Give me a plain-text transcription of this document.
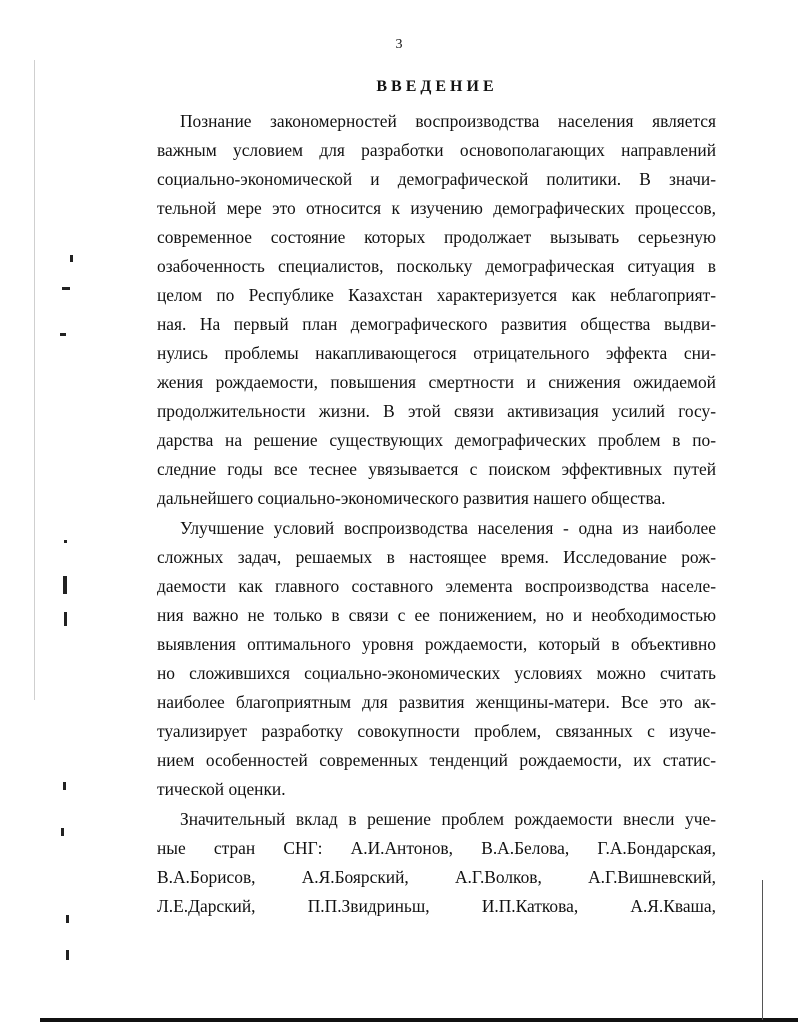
3
ВВЕДЕНИЕ
Познание закономерностей воспроизводства населения является
важным условием для разработки основополагающих направлений
социально-экономической и демографической политики. В значи-
тельной мере это относится к изучению демографических процессов,
современное состояние которых продолжает вызывать серьезную
озабоченность специалистов, поскольку демографическая ситуация в
целом по Республике Казахстан характеризуется как неблагоприят-
ная. На первый план демографического развития общества выдви-
нулись проблемы накапливающегося отрицательного эффекта сни-
жения рождаемости, повышения смертности и снижения ожидаемой
продолжительности жизни. В этой связи активизация усилий госу-
дарства на решение существующих демографических проблем в по-
следние годы все теснее увязывается с поиском эффективных путей
дальнейшего социально-экономического развития нашего общества.
Улучшение условий воспроизводства населения - одна из наиболее
сложных задач, решаемых в настоящее время. Исследование рож-
даемости как главного составного элемента воспроизводства населе-
ния важно не только в связи с ее понижением, но и необходимостью
выявления оптимального уровня рождаемости, который в объективно
но сложившихся социально-экономических условиях можно считать
наиболее благоприятным для развития женщины-матери. Все это ак-
туализирует разработку совокупности проблем, связанных с изуче-
нием особенностей современных тенденций рождаемости, их статис-
тической оценки.
Значительный вклад в решение проблем рождаемости внесли уче-
ные стран СНГ: А.И.Антонов, В.А.Белова, Г.А.Бондарская,
В.А.Борисов, А.Я.Боярский, А.Г.Волков, А.Г.Вишневский,
Л.Е.Дарский, П.П.Звидриньш, И.П.Каткова, А.Я.Кваша,
